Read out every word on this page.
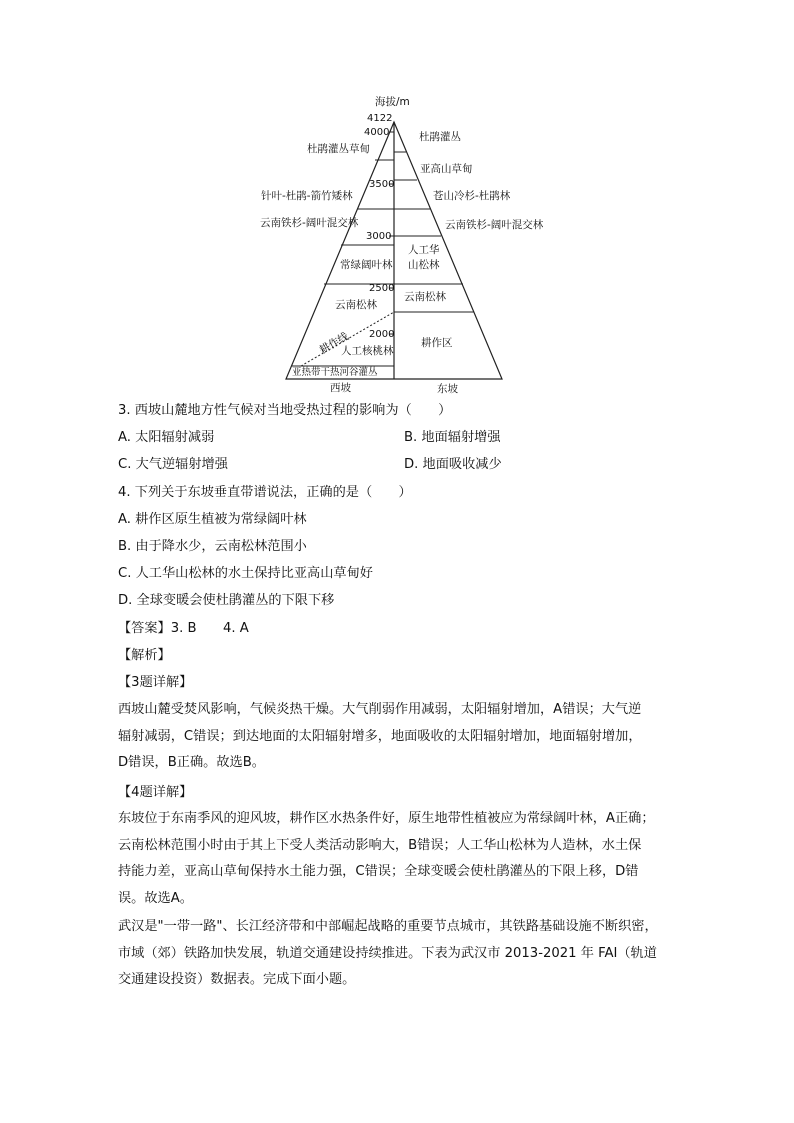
海拔/m
4122
4000
3500
3000
2500
2000
杜鹃灌丛草甸
针叶-杜鹃-箭竹矮林
云南铁杉-阔叶混交林
常绿阔叶林
云南松林
人工核桃林
亚热带干热河谷灌丛
耕作线
杜鹃灌丛
亚高山草甸
苍山冷杉-杜鹃林
云南铁杉-阔叶混交林
人工华
山松林
云南松林
耕作区
西坡	东坡
3. 西坡山麓地方性气候对当地受热过程的影响为（　　）
A. 太阳辐射减弱	B. 地面辐射增强
C. 大气逆辐射增强	D. 地面吸收减少
4. 下列关于东坡垂直带谱说法，正确的是（　　）
A. 耕作区原生植被为常绿阔叶林
B. 由于降水少，云南松林范围小
C. 人工华山松林的水土保持比亚高山草甸好
D. 全球变暖会使杜鹃灌丛的下限下移
【答案】3. B　　4. A
【解析】
【3题详解】
西坡山麓受焚风影响，气候炎热干燥。大气削弱作用减弱，太阳辐射增加，A错误；大气逆
辐射减弱，C错误；到达地面的太阳辐射增多，地面吸收的太阳辐射增加，地面辐射增加，
D错误，B正确。故选B。
【4题详解】
东坡位于东南季风的迎风坡，耕作区水热条件好，原生地带性植被应为常绿阔叶林，A正确；
云南松林范围小时由于其上下受人类活动影响大，B错误；人工华山松林为人造林，水土保
持能力差，亚高山草甸保持水土能力强，C错误；全球变暖会使杜鹃灌丛的下限上移，D错
误。故选A。
武汉是"一带一路"、长江经济带和中部崛起战略的重要节点城市，其铁路基础设施不断织密，
市域（郊）铁路加快发展，轨道交通建设持续推进。下表为武汉市 2013-2021 年 FAI（轨道
交通建设投资）数据表。完成下面小题。
